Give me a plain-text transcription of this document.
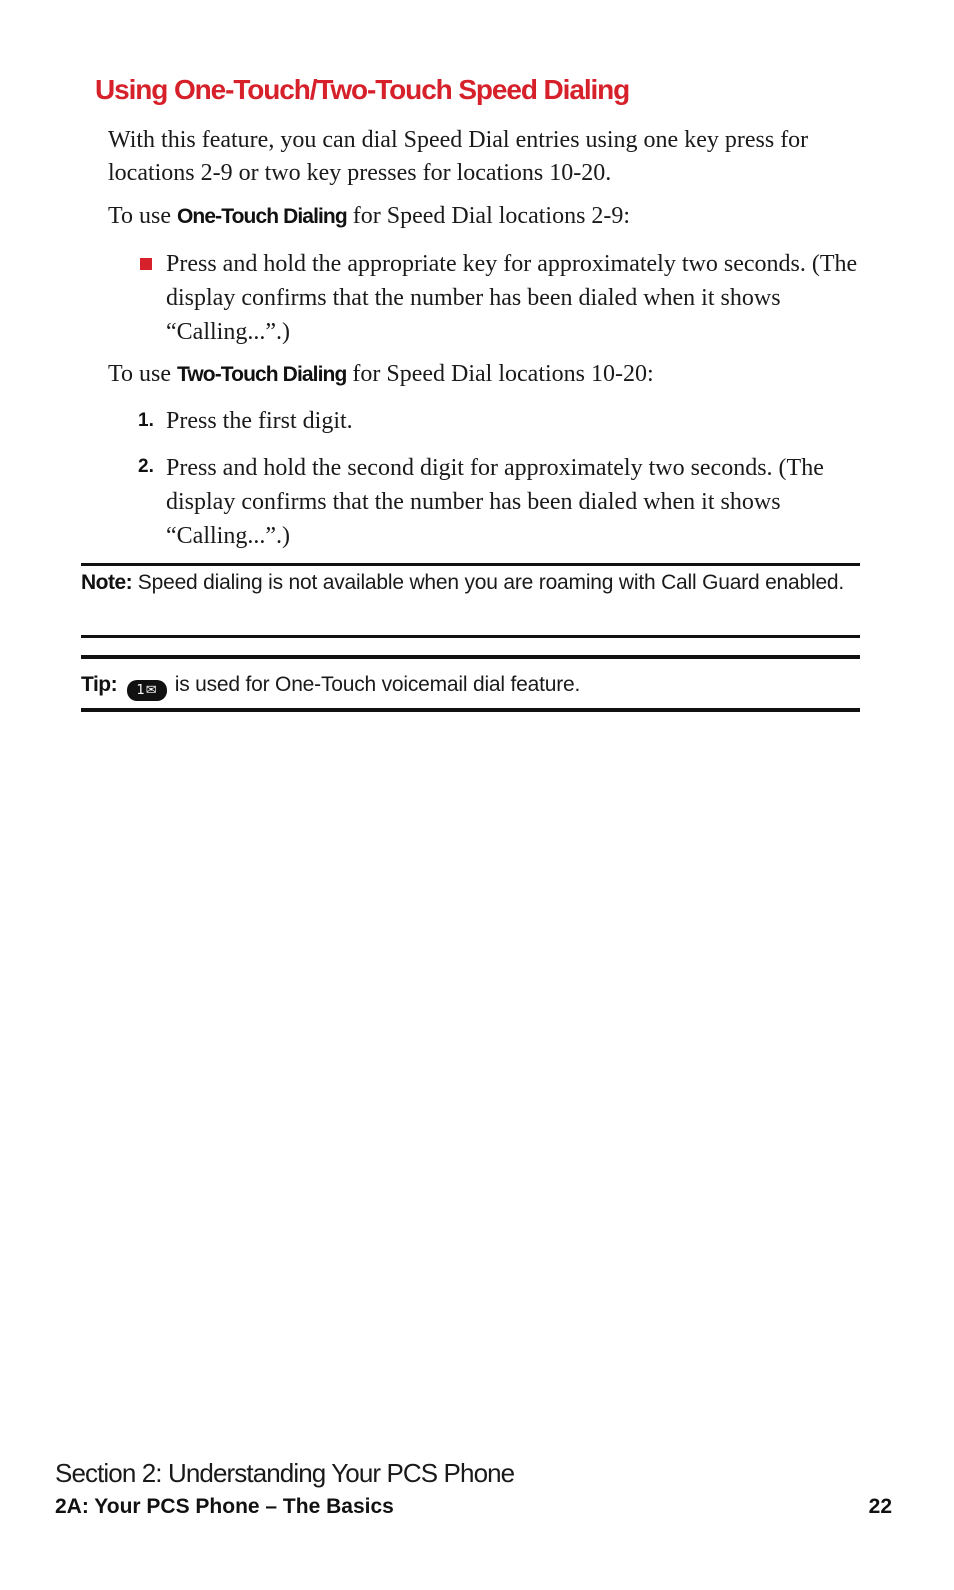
Using One-Touch/Two-Touch Speed Dialing

With this feature, you can dial Speed Dial entries using one key press for locations 2-9 or two key presses for locations 10-20.

To use One-Touch Dialing for Speed Dial locations 2-9:

Press and hold the appropriate key for approximately two seconds. (The display confirms that the number has been dialed when it shows “Calling...”.)

To use Two-Touch Dialing for Speed Dial locations 10-20:

1. Press the first digit.

2. Press and hold the second digit for approximately two seconds. (The display confirms that the number has been dialed when it shows “Calling...”.)

Note: Speed dialing is not available when you are roaming with Call Guard enabled.
Tip: 1✉ is used for One-Touch voicemail dial feature.
Section 2: Understanding Your PCS Phone
2A: Your PCS Phone – The Basics	22
